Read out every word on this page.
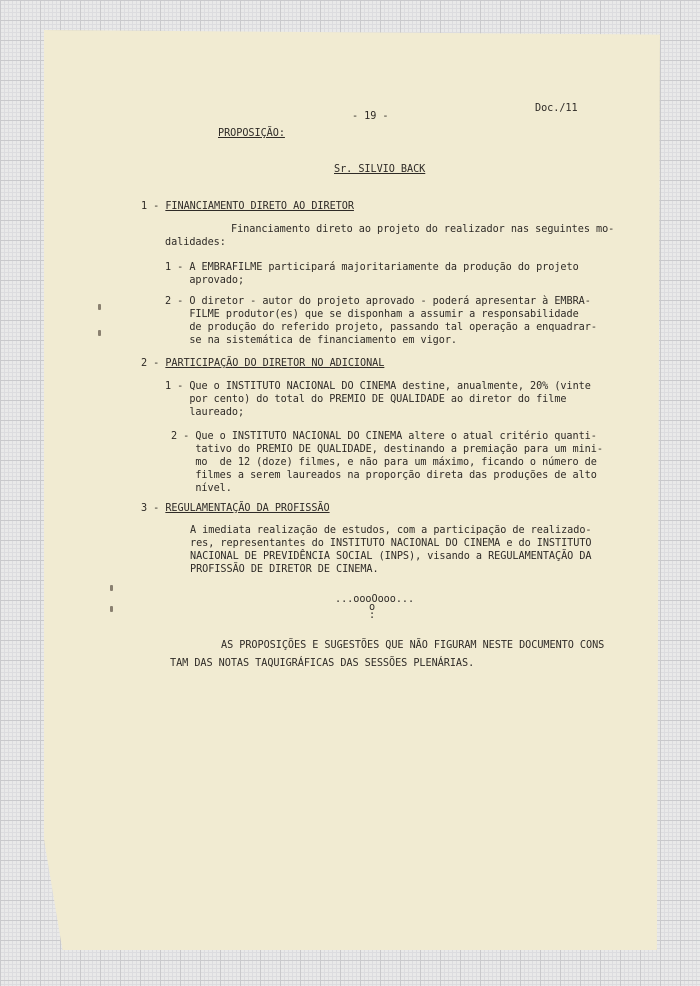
Doc./11
- 19 -
PROPOSIÇÃO:
Sr. SILVIO BACK
1 - FINANCIAMENTO DIRETO AO DIRETOR
Financiamento direto ao projeto do realizador nas seguintes mo-
dalidades:
1 - A EMBRAFILME participará majoritariamente da produção do projeto
aprovado;
2 - O diretor - autor do projeto aprovado - poderá apresentar à EMBRA-
FILME produtor(es) que se disponham a assumir a responsabilidade
de produção do referido projeto, passando tal operação a enquadrar-
se na sistemática de financiamento em vigor.
2 - PARTICIPAÇÃO DO DIRETOR NO ADICIONAL
1 - Que o INSTITUTO NACIONAL DO CINEMA destine, anualmente, 20% (vinte
por cento) do total do PREMIO DE QUALIDADE ao diretor do filme
laureado;
2 - Que o INSTITUTO NACIONAL DO CINEMA altere o atual critério quanti-
tativo do PREMIO DE QUALIDADE, destinando a premiação para um mini-
mo  de 12 (doze) filmes, e não para um máximo, ficando o número de
filmes a serem laureados na proporção direta das produções de alto
nível.
3 - REGULAMENTAÇÃO DA PROFISSÃO
A imediata realização de estudos, com a participação de realizado-
res, representantes do INSTITUTO NACIONAL DO CINEMA e do INSTITUTO
NACIONAL DE PREVIDÊNCIA SOCIAL (INPS), visando a REGULAMENTAÇÃO DA
PROFISSÃO DE DIRETOR DE CINEMA.
...oooOooo...
o
:
AS PROPOSIÇÕES E SUGESTÕES QUE NÃO FIGURAM NESTE DOCUMENTO CONS
TAM DAS NOTAS TAQUIGRÁFICAS DAS SESSÕES PLENÁRIAS.
